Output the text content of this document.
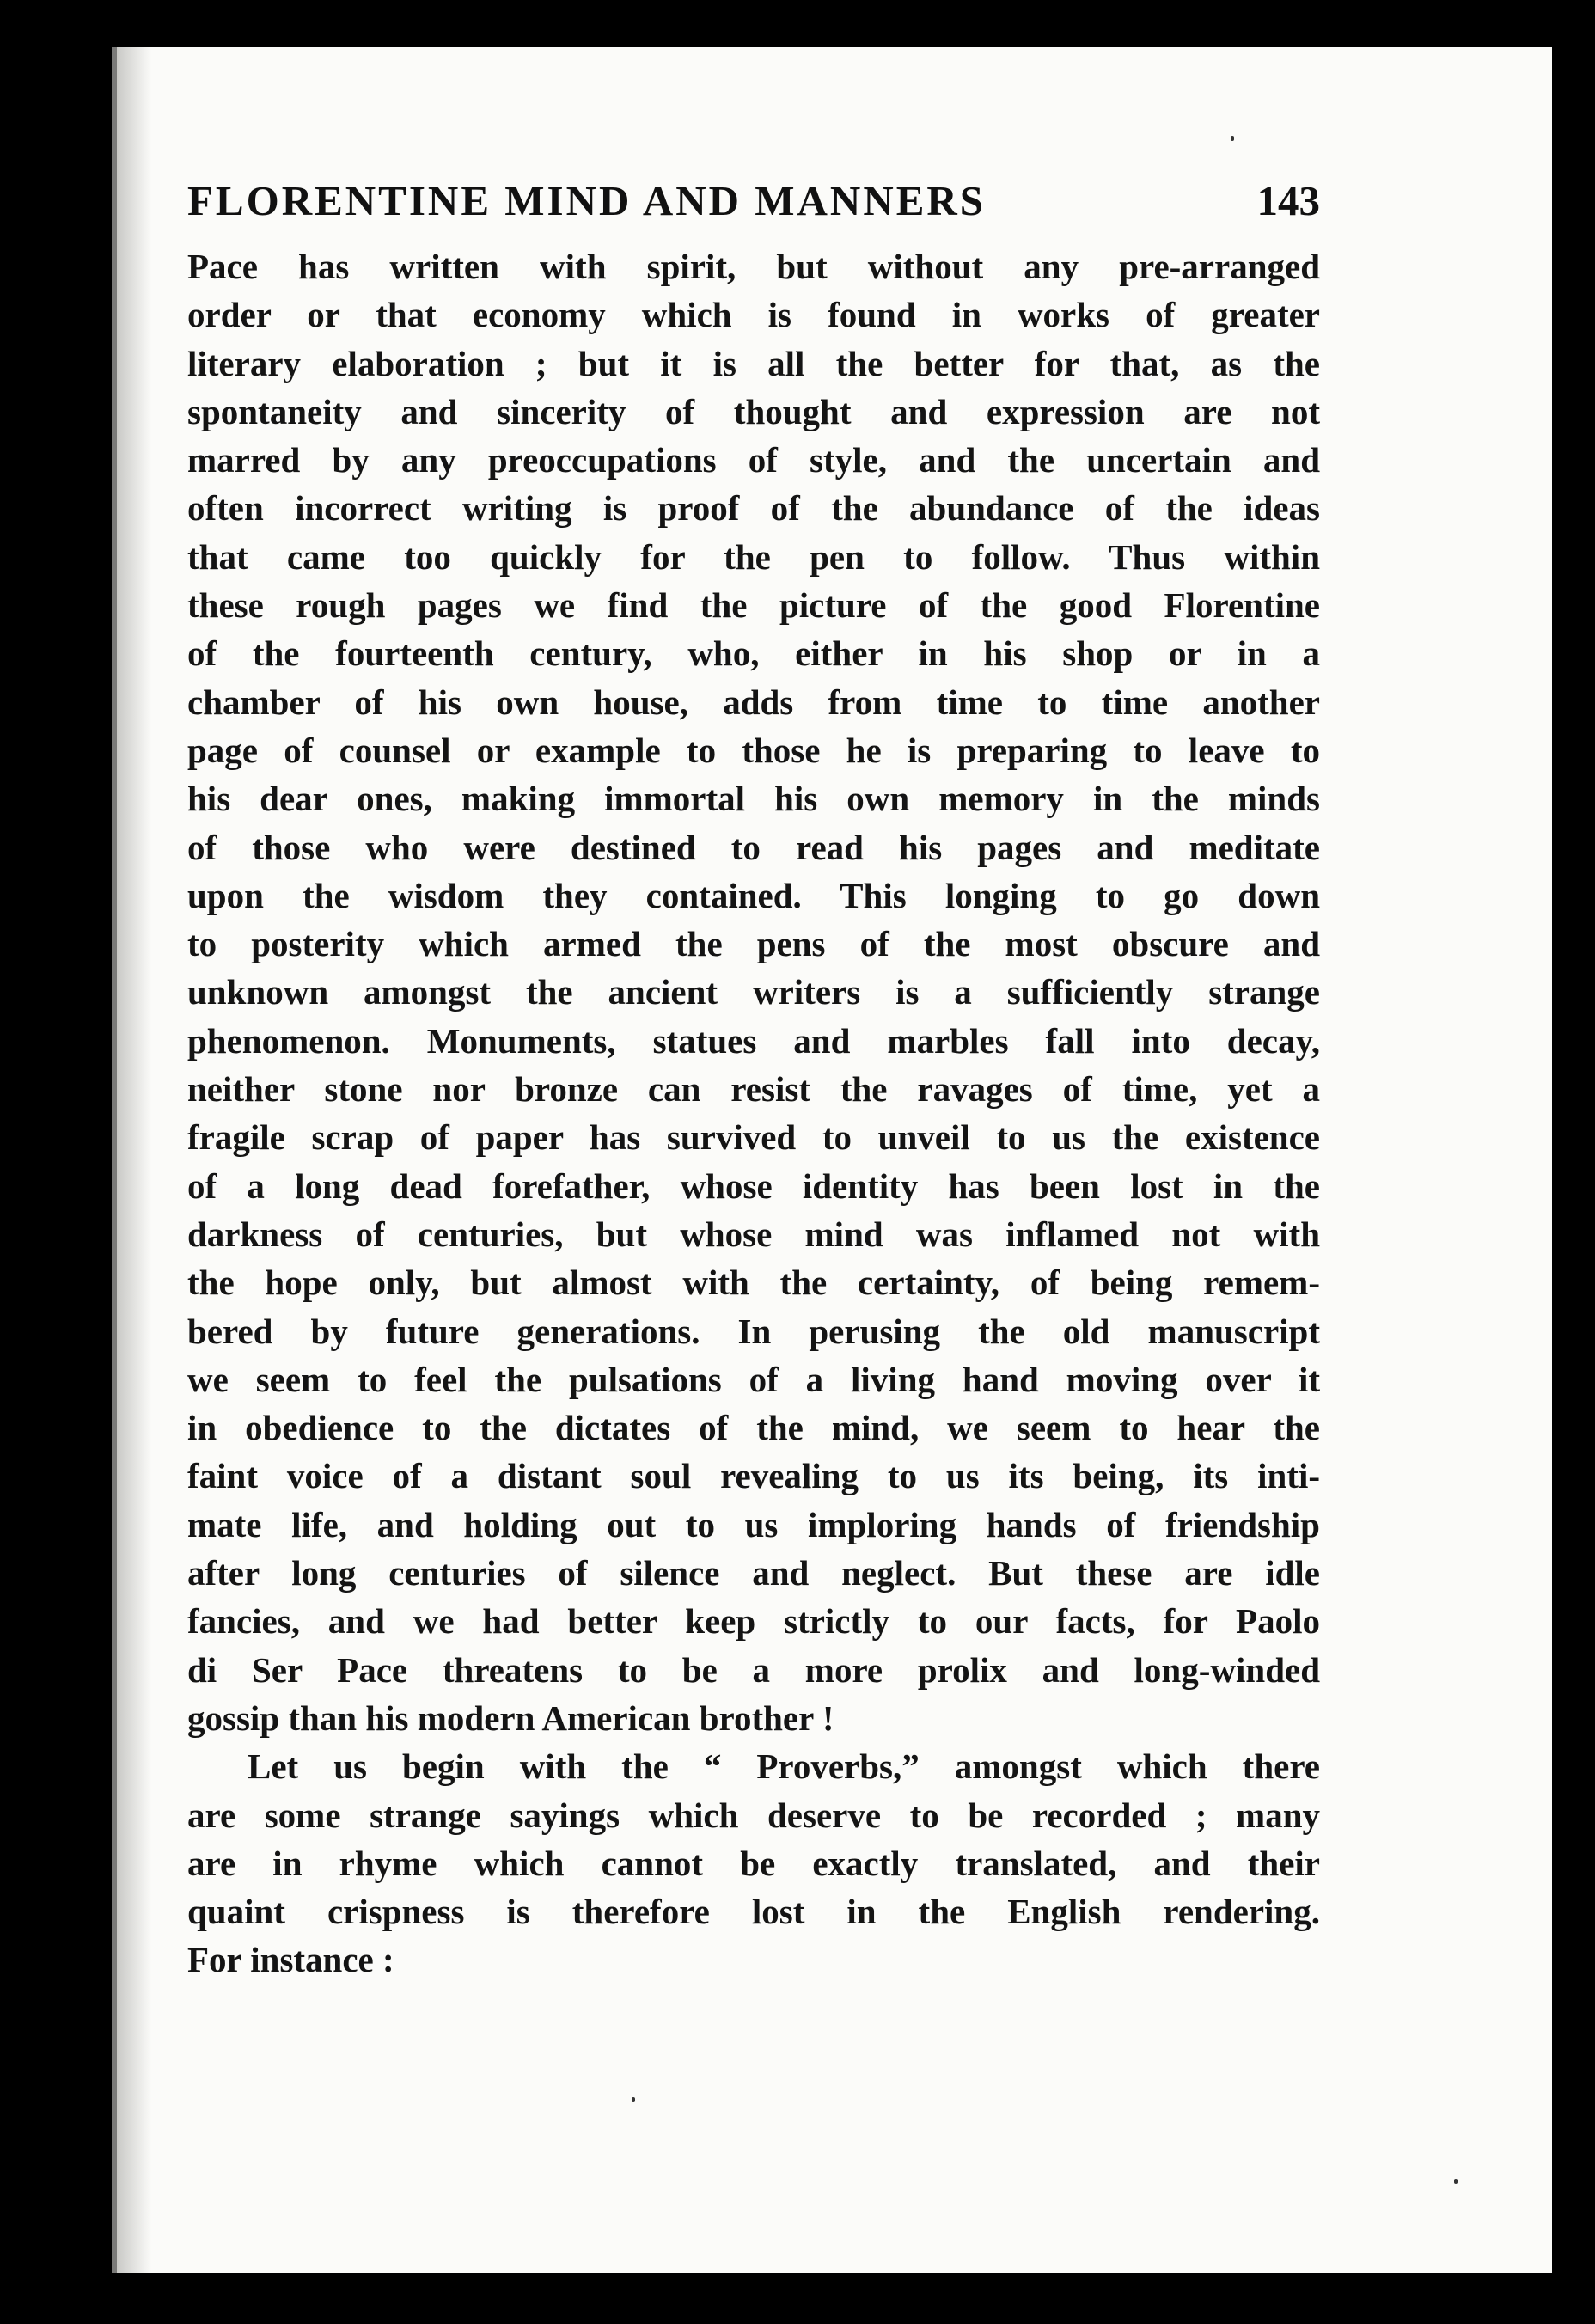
FLORENTINE MIND AND MANNERS	143
Pace has written with spirit, but without any pre-arranged
order or that economy which is found in works of greater
literary elaboration ; but it is all the better for that, as the
spontaneity and sincerity of thought and expression are not
marred by any preoccupations of style, and the uncertain and
often incorrect writing is proof of the abundance of the ideas
that came too quickly for the pen to follow. Thus within
these rough pages we find the picture of the good Florentine
of the fourteenth century, who, either in his shop or in a
chamber of his own house, adds from time to time another
page of counsel or example to those he is preparing to leave to
his dear ones, making immortal his own memory in the minds
of those who were destined to read his pages and meditate
upon the wisdom they contained. This longing to go down
to posterity which armed the pens of the most obscure and
unknown amongst the ancient writers is a sufficiently strange
phenomenon. Monuments, statues and marbles fall into decay,
neither stone nor bronze can resist the ravages of time, yet a
fragile scrap of paper has survived to unveil to us the existence
of a long dead forefather, whose identity has been lost in the
darkness of centuries, but whose mind was inflamed not with
the hope only, but almost with the certainty, of being remem-
bered by future generations. In perusing the old manuscript
we seem to feel the pulsations of a living hand moving over it
in obedience to the dictates of the mind, we seem to hear the
faint voice of a distant soul revealing to us its being, its inti-
mate life, and holding out to us imploring hands of friendship
after long centuries of silence and neglect. But these are idle
fancies, and we had better keep strictly to our facts, for Paolo
di Ser Pace threatens to be a more prolix and long-winded
gossip than his modern American brother !
Let us begin with the “ Proverbs,” amongst which there
are some strange sayings which deserve to be recorded ; many
are in rhyme which cannot be exactly translated, and their
quaint crispness is therefore lost in the English rendering.
For instance :
